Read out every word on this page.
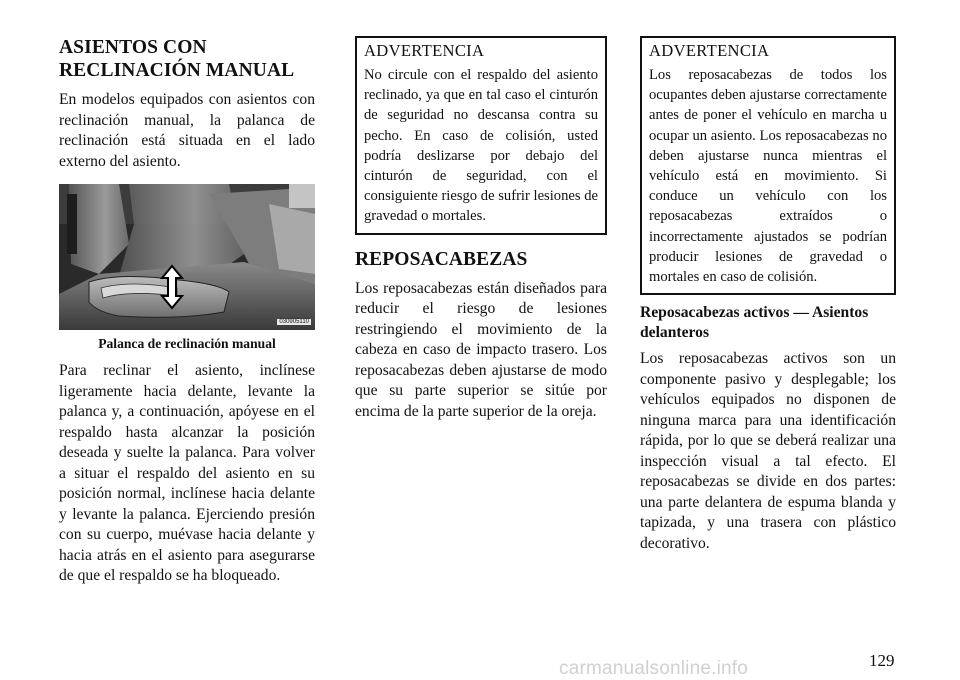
ASIENTOS CON RECLINACIÓN MANUAL

En modelos equipados con asientos con reclinación manual, la palanca de reclinación está situada en el lado externo del asiento.

030905110
Palanca de reclinación manual

Para reclinar el asiento, inclínese ligeramente hacia delante, levante la palanca y, a continuación, apóyese en el respaldo hasta alcanzar la posición deseada y suelte la palanca. Para volver a situar el respaldo del asiento en su posición normal, inclínese hacia delante y levante la palanca. Ejerciendo presión con su cuerpo, muévase hacia delante y hacia atrás en el asiento para asegurarse de que el respaldo se ha bloqueado.

ADVERTENCIA

No circule con el respaldo del asiento reclinado, ya que en tal caso el cinturón de seguridad no descansa contra su pecho. En caso de colisión, usted podría deslizarse por debajo del cinturón de seguridad, con el consiguiente riesgo de sufrir lesiones de gravedad o mortales.

REPOSACABEZAS

Los reposacabezas están diseñados para reducir el riesgo de lesiones restringiendo el movimiento de la cabeza en caso de impacto trasero. Los reposacabezas deben ajustarse de modo que su parte superior se sitúe por encima de la parte superior de la oreja.

ADVERTENCIA

Los reposacabezas de todos los ocupantes deben ajustarse correctamente antes de poner el vehículo en marcha u ocupar un asiento. Los reposacabezas no deben ajustarse nunca mientras el vehículo está en movimiento. Si conduce un vehículo con los reposacabezas extraídos o incorrectamente ajustados se podrían producir lesiones de gravedad o mortales en caso de colisión.

Reposacabezas activos — Asientos delanteros

Los reposacabezas activos son un componente pasivo y desplegable; los vehículos equipados no disponen de ninguna marca para una identificación rápida, por lo que se deberá realizar una inspección visual a tal efecto. El reposacabezas se divide en dos partes: una parte delantera de espuma blanda y tapizada, y una trasera con plástico decorativo.

129
carmanualsonline.info
